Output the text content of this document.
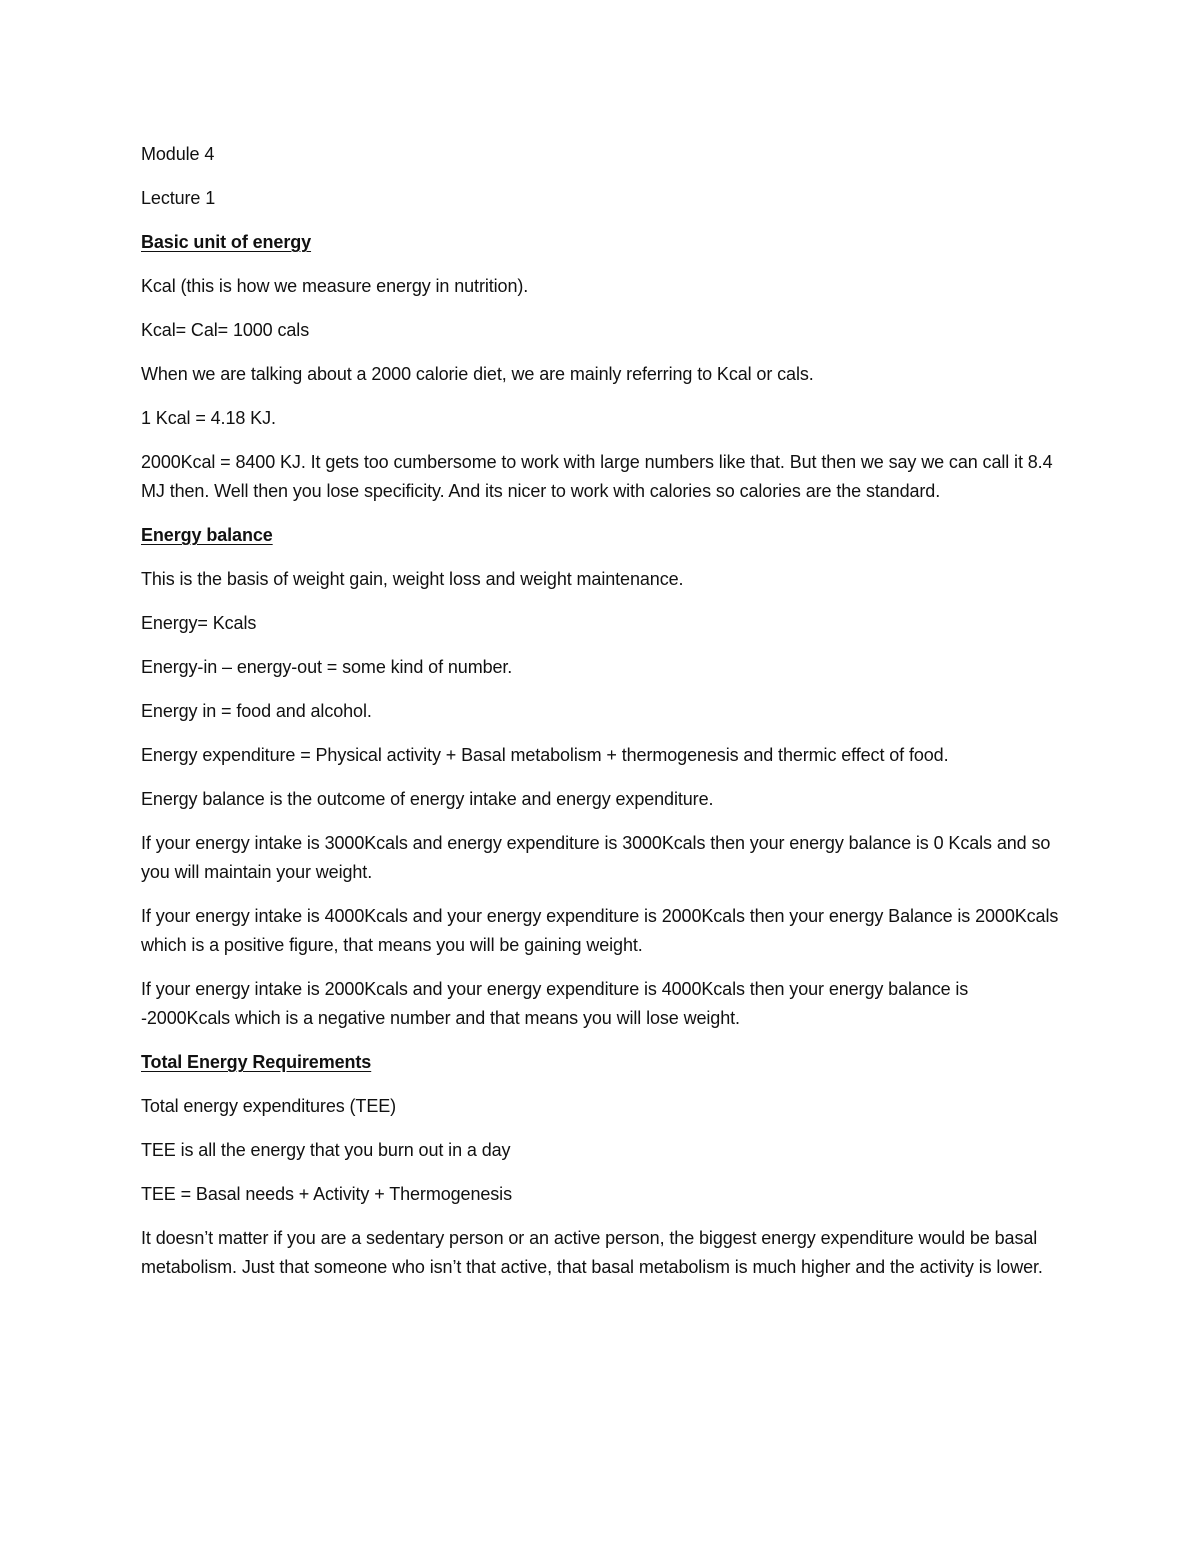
Module 4

Lecture 1

Basic unit of energy

Kcal (this is how we measure energy in nutrition).

Kcal= Cal= 1000 cals

When we are talking about a 2000 calorie diet, we are mainly referring to Kcal or cals.

1 Kcal = 4.18 KJ.

2000Kcal = 8400 KJ. It gets too cumbersome to work with large numbers like that. But then we say we can call it 8.4 MJ then. Well then you lose specificity. And its nicer to work with calories so calories are the standard.

Energy balance

This is the basis of weight gain, weight loss and weight maintenance.

Energy= Kcals

Energy-in – energy-out = some kind of number.

Energy in = food and alcohol.

Energy expenditure = Physical activity + Basal metabolism + thermogenesis and thermic effect of food.

Energy balance is the outcome of energy intake and energy expenditure.

If your energy intake is 3000Kcals and energy expenditure is 3000Kcals then your energy balance is 0 Kcals and so you will maintain your weight.

If your energy intake is 4000Kcals and your energy expenditure is 2000Kcals then your energy Balance is 2000Kcals which is a positive figure, that means you will be gaining weight.

If your energy intake is 2000Kcals and your energy expenditure is 4000Kcals then your energy balance is -2000Kcals which is a negative number and that means you will lose weight.

Total Energy Requirements

Total energy expenditures (TEE)

TEE is all the energy that you burn out in a day

TEE = Basal needs + Activity + Thermogenesis

It doesn’t matter if you are a sedentary person or an active person, the biggest energy expenditure would be basal metabolism. Just that someone who isn’t that active, that basal metabolism is much higher and the activity is lower.
